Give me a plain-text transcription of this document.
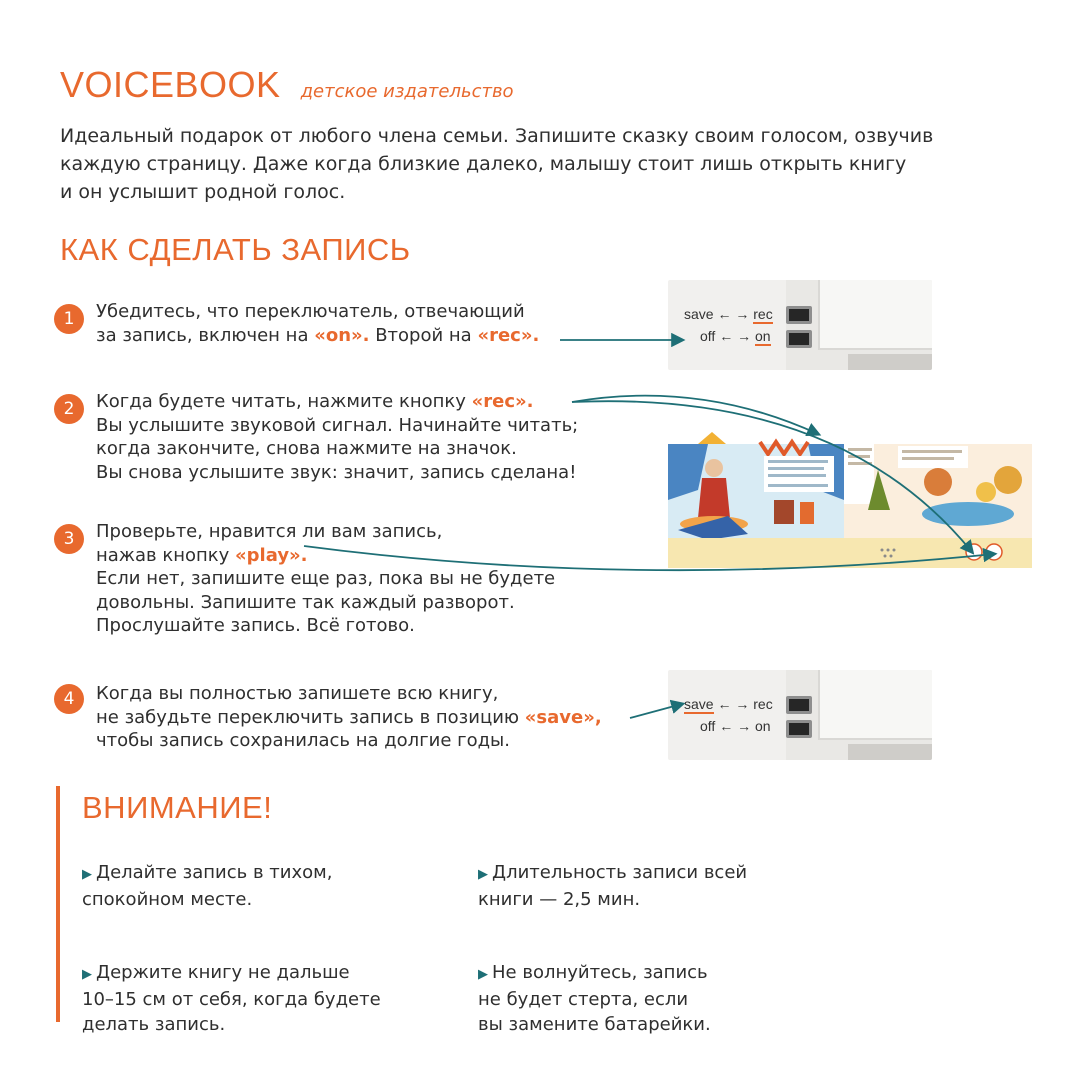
VOICEBOOK детское издательство
Идеальный подарок от любого члена семьи. Запишите сказку своим голосом, озвучив
каждую страницу. Даже когда близкие далеко, малышу стоит лишь открыть книгу
и он услышит родной голос.
КАК СДЕЛАТЬ ЗАПИСЬ
1	Убедитесь, что переключатель, отвечающий
за запись, включен на «on». Второй на «rec».
save ← → rec
off ← → on
2	Когда будете читать, нажмите кнопку «rec».
Вы услышите звуковой сигнал. Начинайте читать;
когда закончите, снова нажмите на значок.
Вы снова услышите звук: значит, запись сделана!
3	Проверьте, нравится ли вам запись,
нажав кнопку «play».
Если нет, запишите еще раз, пока вы не будете
довольны. Запишите так каждый разворот.
Прослушайте запись. Всё готово.
4	Когда вы полностью запишете всю книгу,
не забудьте переключить запись в позицию «save»,
чтобы запись сохранилась на долгие годы.
save ← → rec
off ← → on
ВНИМАНИЕ!
▶ Делайте запись в тихом,
спокойном месте.
▶ Длительность записи всей
книги — 2,5 мин.
▶ Держите книгу не дальше
10–15 см от себя, когда будете
делать запись.
▶ Не волнуйтесь, запись
не будет стерта, если
вы замените батарейки.
